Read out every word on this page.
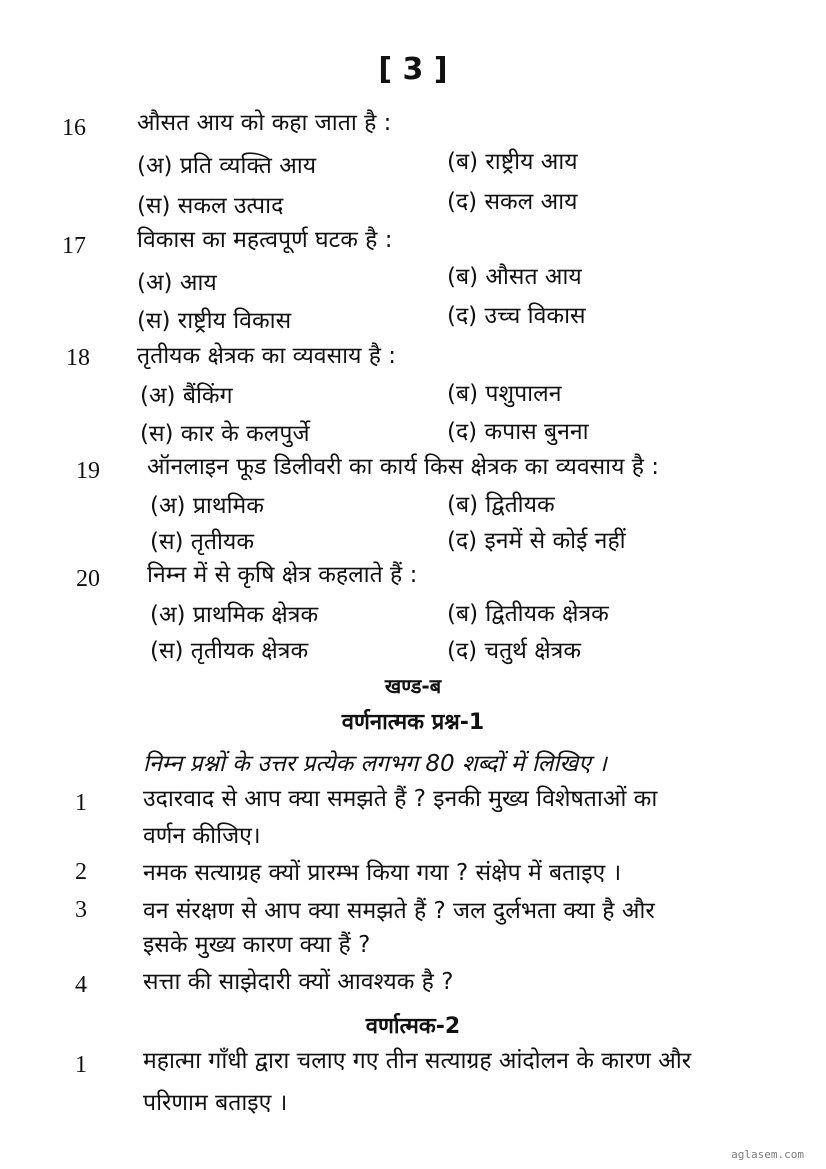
[ 3 ]
16 औसत आय को कहा जाता है :
(अ) प्रति व्यक्ति आय	(ब) राष्ट्रीय आय
(स) सकल उत्पाद	(द) सकल आय
17 विकास का महत्वपूर्ण घटक है :
(अ) आय	(ब) औसत आय
(स) राष्ट्रीय विकास	(द) उच्च विकास
18 तृतीयक क्षेत्रक का व्यवसाय है :
(अ) बैंकिंग	(ब) पशुपालन
(स) कार के कलपुर्जे	(द) कपास बुनना
19 ऑनलाइन फूड डिलीवरी का कार्य किस क्षेत्रक का व्यवसाय है :
(अ) प्राथमिक	(ब) द्वितीयक
(स) तृतीयक	(द) इनमें से कोई नहीं
20 निम्न में से कृषि क्षेत्र कहलाते हैं :
(अ) प्राथमिक क्षेत्रक	(ब) द्वितीयक क्षेत्रक
(स) तृतीयक क्षेत्रक	(द) चतुर्थ क्षेत्रक
खण्ड-ब
वर्णनात्मक प्रश्न-1
निम्न प्रश्नों के उत्तर प्रत्येक लगभग 80 शब्दों में लिखिए ।
1 उदारवाद से आप क्या समझते हैं ? इनकी मुख्य विशेषताओं का
वर्णन कीजिए।
2 नमक सत्याग्रह क्यों प्रारम्भ किया गया ? संक्षेप में बताइए ।
3 वन संरक्षण से आप क्या समझते हैं ? जल दुर्लभता क्या है और
इसके मुख्य कारण क्या हैं ?
4 सत्ता की साझेदारी क्यों आवश्यक है ?
वर्णात्मक-2
1 महात्मा गाँधी द्वारा चलाए गए तीन सत्याग्रह आंदोलन के कारण और
परिणाम बताइए ।
aglasem.com
